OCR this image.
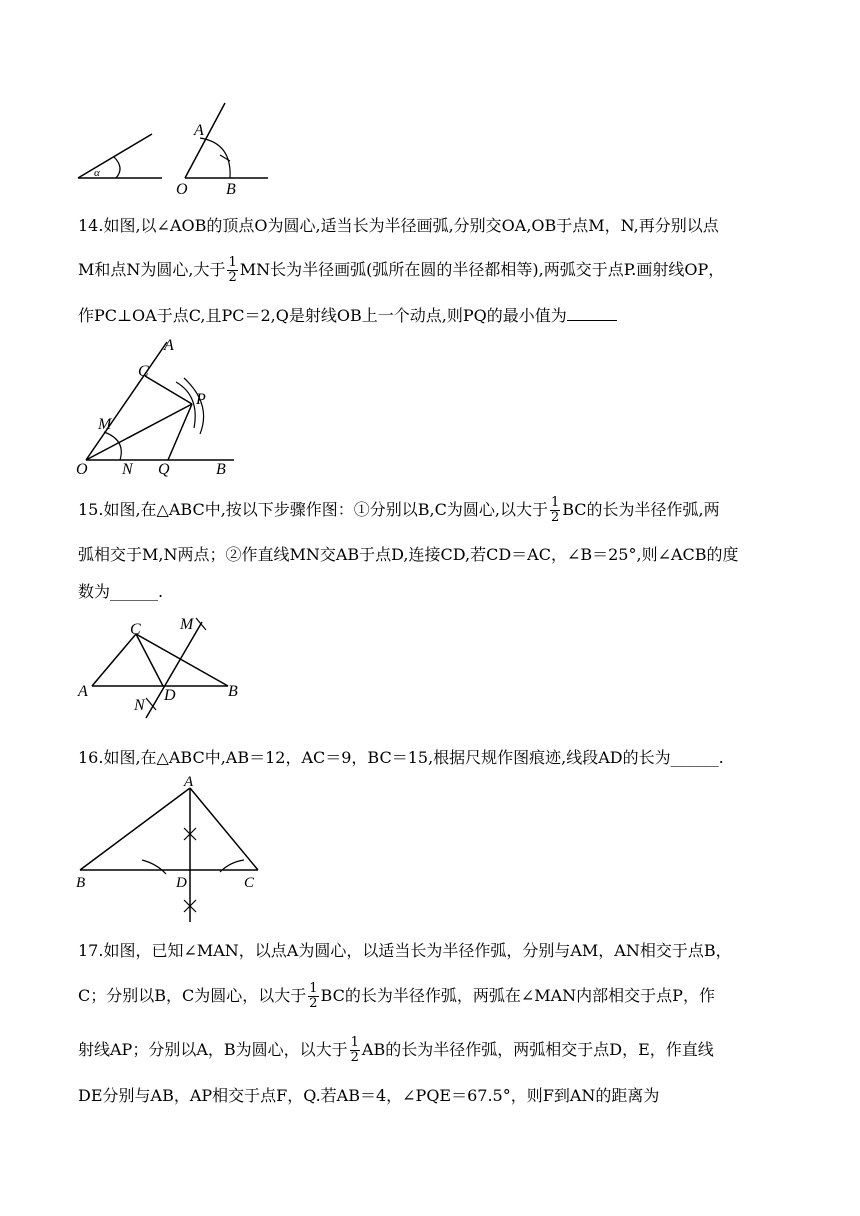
α
A
O B
14.如图,以∠AOB的顶点O为圆心,适当长为半径画弧,分别交OA,OB于点M，N,再分别以点
M和点N为圆心,大于 $\frac{1}{2}$ MN长为半径画弧(弧所在圆的半径都相等),两弧交于点P.画射线OP，
作PC⊥OA于点C,且PC＝2,Q是射线OB上一个动点,则PQ的最小值为
A
C
P
M
O N Q	B
15.如图,在△ABC中,按以下步骤作图：①分别以B,C为圆心,以大于 $\frac{1}{2}$ BC的长为半径作弧,两
弧相交于M,N两点；②作直线MN交AB于点D,连接CD,若CD＝AC，∠B＝25°,则∠ACB的度
数为______.
C M
A	D	B
N
16.如图,在△ABC中,AB＝12，AC＝9，BC＝15,根据尺规作图痕迹,线段AD的长为______.
A
B	D	C
17.如图，已知∠MAN，以点A为圆心，以适当长为半径作弧，分别与AM，AN相交于点B，
C；分别以B，C为圆心，以大于 $\frac{1}{2}$ BC的长为半径作弧，两弧在∠MAN内部相交于点P，作
射线AP；分别以A，B为圆心，以大于 $\frac{1}{2}$ AB的长为半径作弧，两弧相交于点D，E，作直线
DE分别与AB，AP相交于点F，Q.若AB＝4，∠PQE＝67.5°，则F到AN的距离为
